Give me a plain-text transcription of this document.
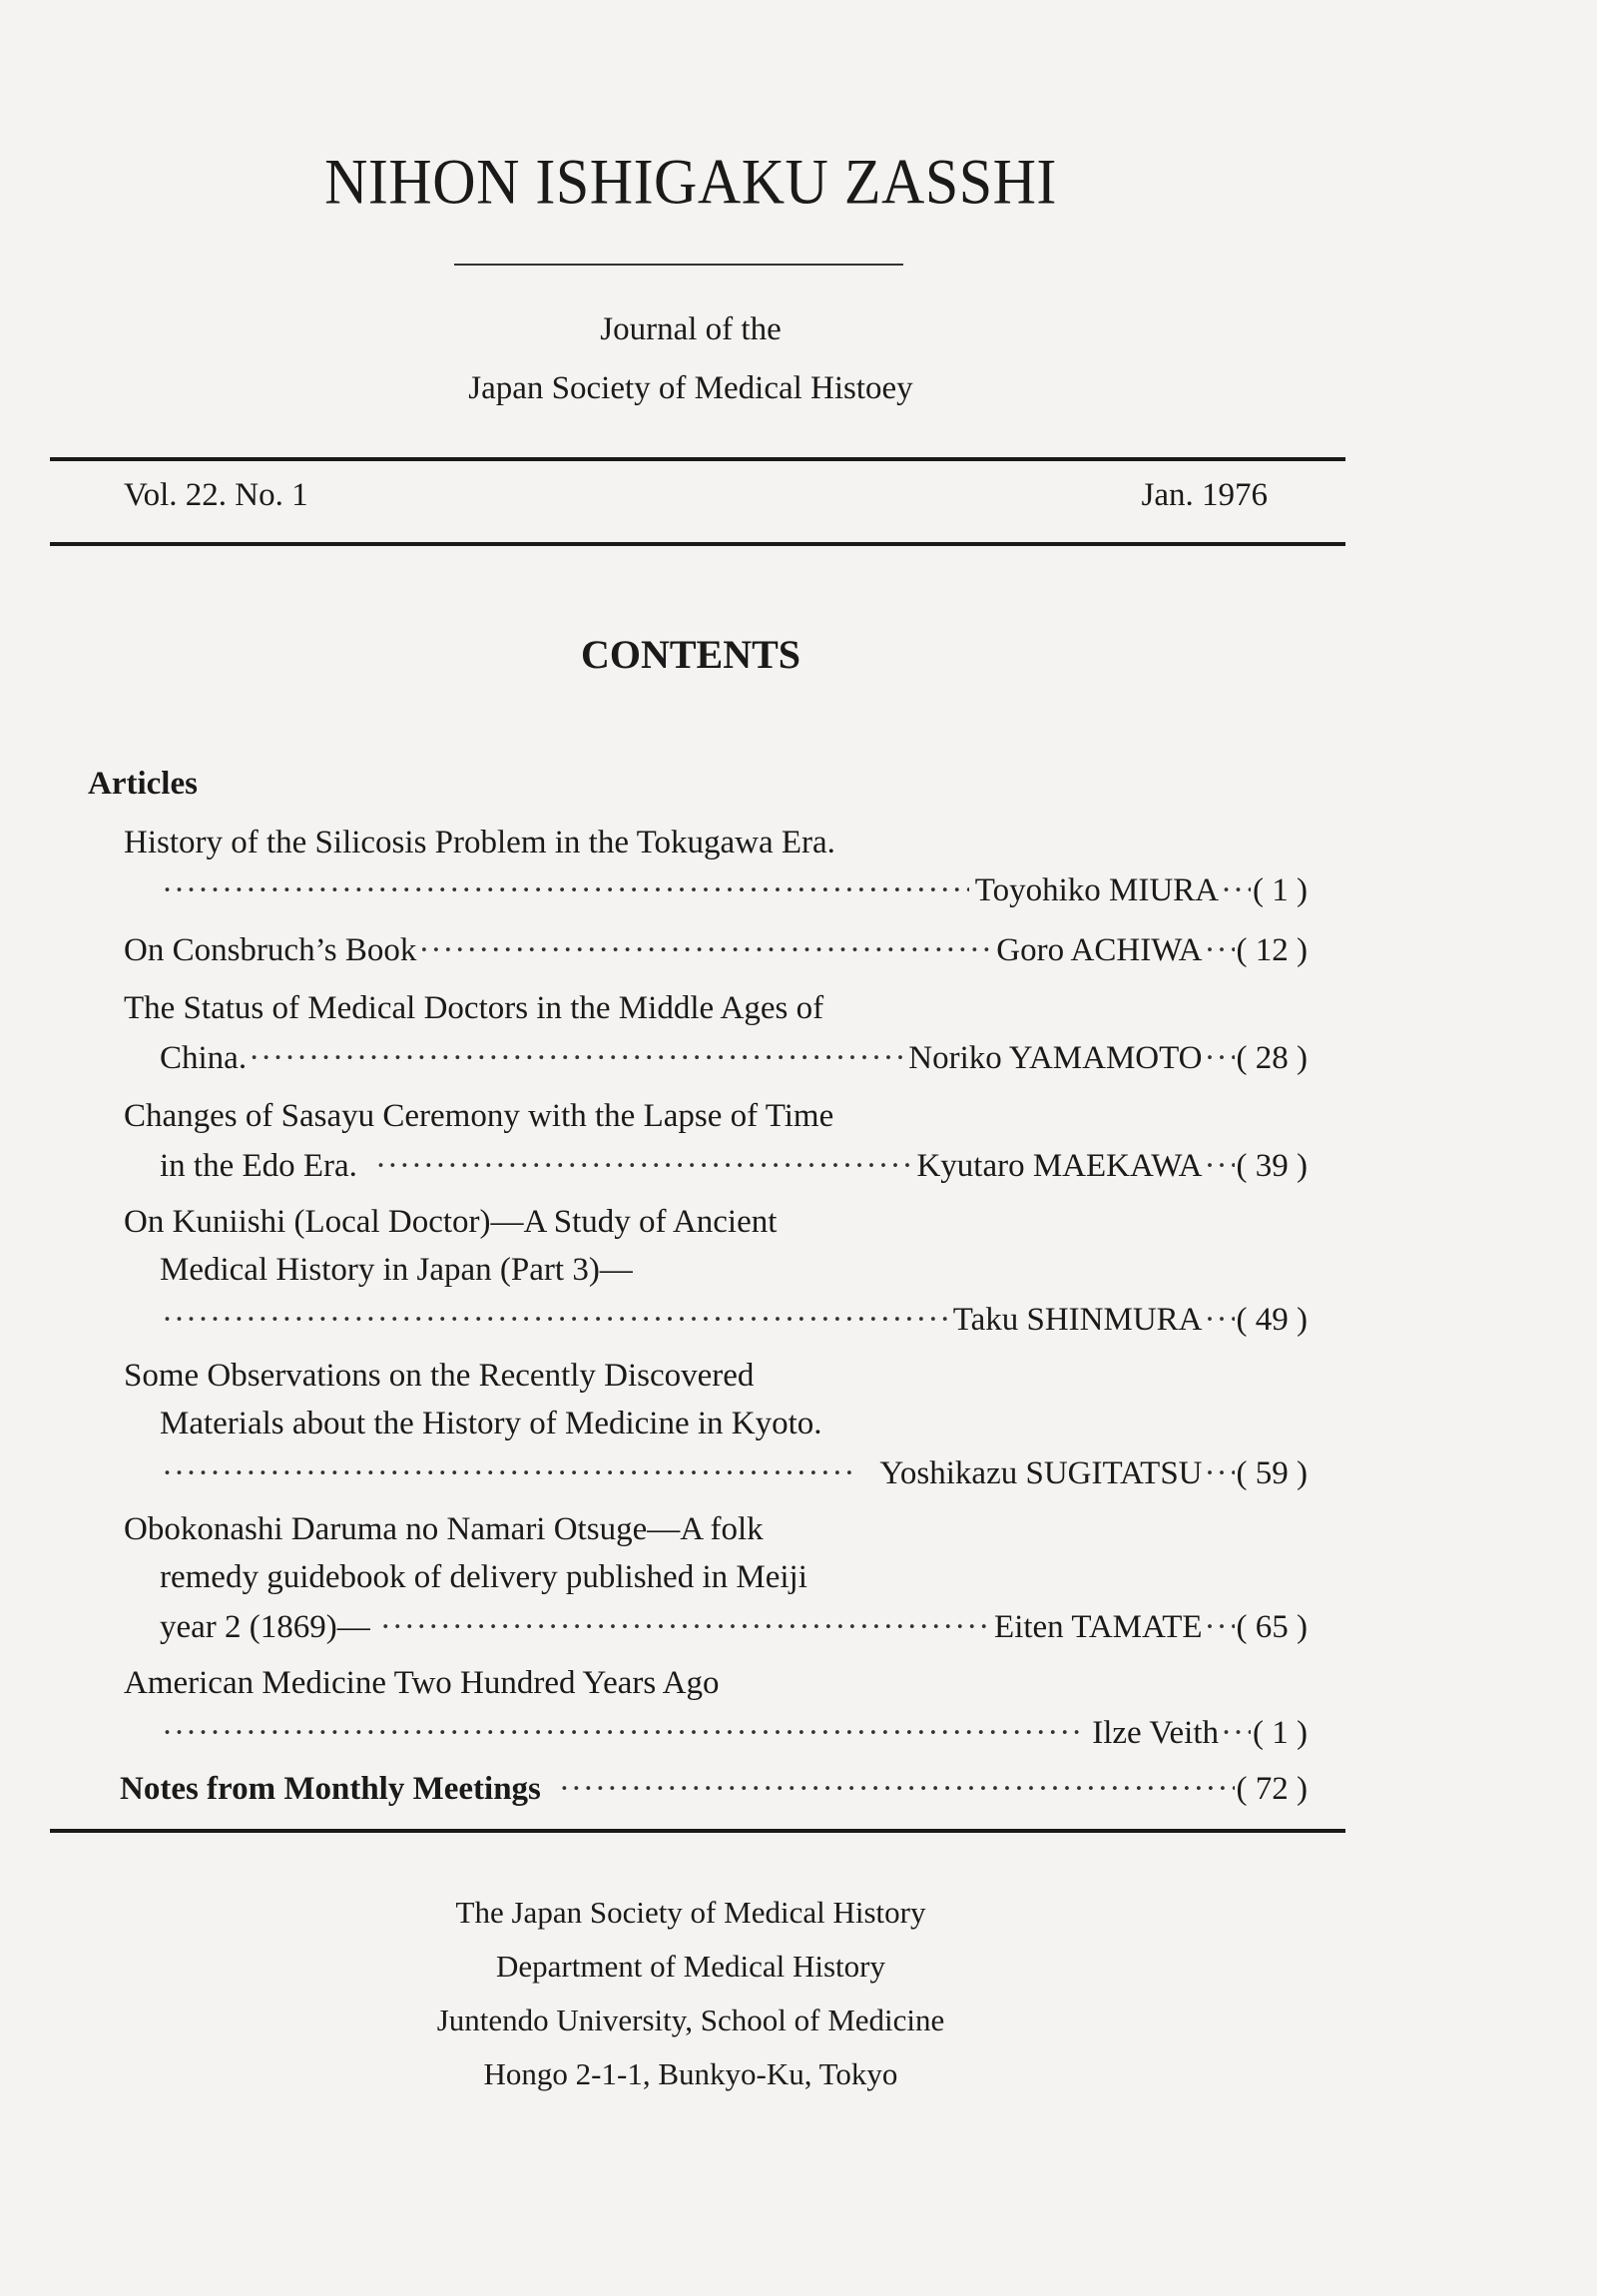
NIHON ISHIGAKU ZASSHI
Journal of the
Japan Society of Medical Histoey
Vol. 22. No. 1	Jan. 1976
CONTENTS
Articles
History of the Silicosis Problem in the Tokugawa Era.
·····
Toyohiko MIURA ····· ( 1 )
On Consbruch’s Book ·····	Goro ACHIWA ····· ( 12 )
The Status of Medical Doctors in the Middle Ages of
China. ·····	Noriko YAMAMOTO ····· ( 28 )
Changes of Sasayu Ceremony with the Lapse of Time
in the Edo Era. ·····	Kyutaro MAEKAWA ····· ( 39 )
On Kuniishi (Local Doctor)—A Study of Ancient
Medical History in Japan (Part 3)—
·····
Taku SHINMURA ····· ( 49 )
Some Observations on the Recently Discovered
Materials about the History of Medicine in Kyoto.
·····
Yoshikazu SUGITATSU ····· ( 59 )
Obokonashi Daruma no Namari Otsuge—A folk
remedy guidebook of delivery published in Meiji
year 2 (1869)— ·····	Eiten TAMATE ····· ( 65 )
American Medicine Two Hundred Years Ago
·····
Ilze Veith ····· ( 1 )
Notes from Monthly Meetings ·····	( 72 )
The Japan Society of Medical History
Department of Medical History
Juntendo University, School of Medicine
Hongo 2-1-1, Bunkyo-Ku, Tokyo
